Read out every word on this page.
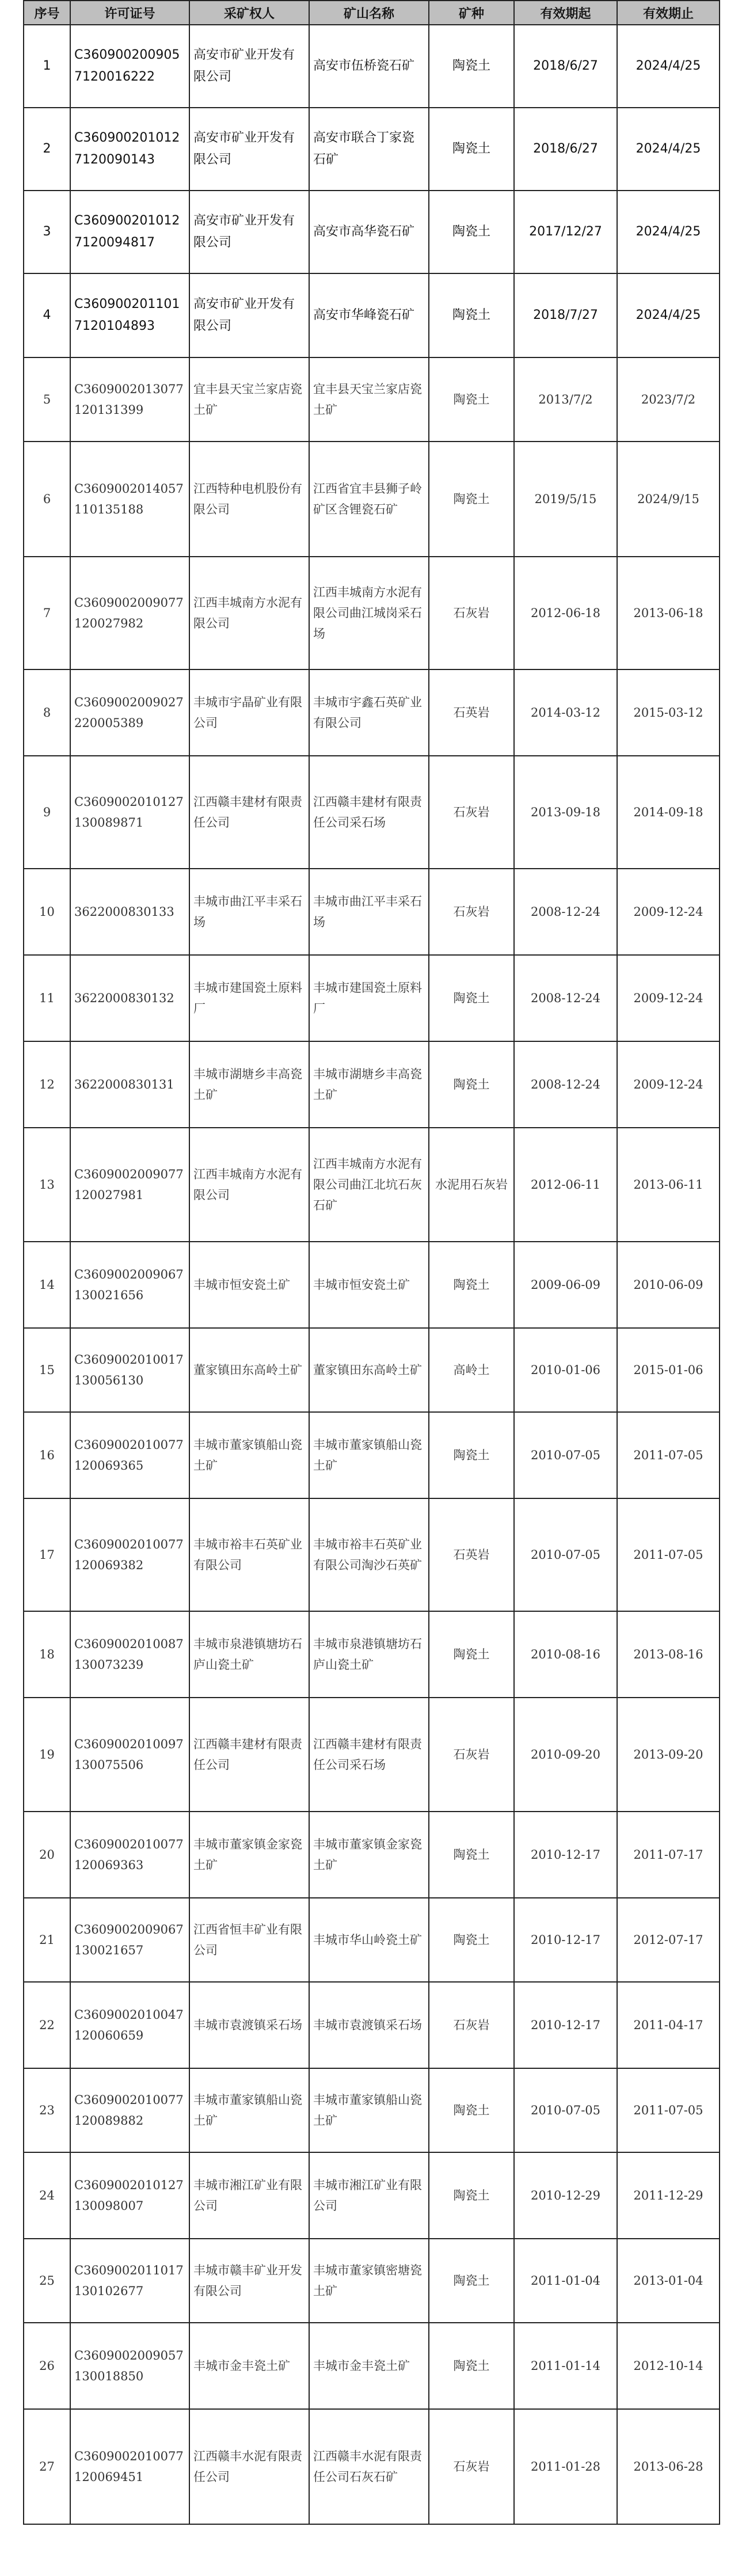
序号	许可证号	采矿权人	矿山名称	矿种	有效期起	有效期止
1	C3609002009057120016222	高安市矿业开发有限公司	高安市伍桥瓷石矿	陶瓷土	2018/6/27	2024/4/25
2	C3609002010127120090143	高安市矿业开发有限公司	高安市联合丁家瓷石矿	陶瓷土	2018/6/27	2024/4/25
3	C3609002010127120094817	高安市矿业开发有限公司	高安市高华瓷石矿	陶瓷土	2017/12/27	2024/4/25
4	C3609002011017120104893	高安市矿业开发有限公司	高安市华峰瓷石矿	陶瓷土	2018/7/27	2024/4/25
5	C3609002013077120131399	宜丰县天宝兰家店瓷土矿	宜丰县天宝兰家店瓷土矿	陶瓷土	2013/7/2	2023/7/2
6	C3609002014057110135188	江西特种电机股份有限公司	江西省宜丰县狮子岭矿区含锂瓷石矿	陶瓷土	2019/5/15	2024/9/15
7	C3609002009077120027982	江西丰城南方水泥有限公司	江西丰城南方水泥有限公司曲江城岗采石场	石灰岩	2012-06-18	2013-06-18
8	C3609002009027220005389	丰城市宇晶矿业有限公司	丰城市宇鑫石英矿业有限公司	石英岩	2014-03-12	2015-03-12
9	C3609002010127130089871	江西赣丰建材有限责任公司	江西赣丰建材有限责任公司采石场	石灰岩	2013-09-18	2014-09-18
10	3622000830133	丰城市曲江平丰采石场	丰城市曲江平丰采石场	石灰岩	2008-12-24	2009-12-24
11	3622000830132	丰城市建国瓷土原料厂	丰城市建国瓷土原料厂	陶瓷土	2008-12-24	2009-12-24
12	3622000830131	丰城市湖塘乡丰高瓷土矿	丰城市湖塘乡丰高瓷土矿	陶瓷土	2008-12-24	2009-12-24
13	C3609002009077120027981	江西丰城南方水泥有限公司	江西丰城南方水泥有限公司曲江北坑石灰石矿	水泥用石灰岩	2012-06-11	2013-06-11
14	C3609002009067130021656	丰城市恒安瓷土矿	丰城市恒安瓷土矿	陶瓷土	2009-06-09	2010-06-09
15	C3609002010017130056130	董家镇田东高岭土矿	董家镇田东高岭土矿	高岭土	2010-01-06	2015-01-06
16	C3609002010077120069365	丰城市董家镇船山瓷土矿	丰城市董家镇船山瓷土矿	陶瓷土	2010-07-05	2011-07-05
17	C3609002010077120069382	丰城市裕丰石英矿业有限公司	丰城市裕丰石英矿业有限公司淘沙石英矿	石英岩	2010-07-05	2011-07-05
18	C3609002010087130073239	丰城市泉港镇塘坊石庐山瓷土矿	丰城市泉港镇塘坊石庐山瓷土矿	陶瓷土	2010-08-16	2013-08-16
19	C3609002010097130075506	江西赣丰建材有限责任公司	江西赣丰建材有限责任公司采石场	石灰岩	2010-09-20	2013-09-20
20	C3609002010077120069363	丰城市董家镇金家瓷土矿	丰城市董家镇金家瓷土矿	陶瓷土	2010-12-17	2011-07-17
21	C3609002009067130021657	江西省恒丰矿业有限公司	丰城市华山岭瓷土矿	陶瓷土	2010-12-17	2012-07-17
22	C3609002010047120060659	丰城市袁渡镇采石场	丰城市袁渡镇采石场	石灰岩	2010-12-17	2011-04-17
23	C3609002010077120089882	丰城市董家镇船山瓷土矿	丰城市董家镇船山瓷土矿	陶瓷土	2010-07-05	2011-07-05
24	C3609002010127130098007	丰城市湘江矿业有限公司	丰城市湘江矿业有限公司	陶瓷土	2010-12-29	2011-12-29
25	C3609002011017130102677	丰城市赣丰矿业开发有限公司	丰城市董家镇密塘瓷土矿	陶瓷土	2011-01-04	2013-01-04
26	C3609002009057130018850	丰城市金丰瓷土矿	丰城市金丰瓷土矿	陶瓷土	2011-01-14	2012-10-14
27	C3609002010077120069451	江西赣丰水泥有限责任公司	江西赣丰水泥有限责任公司石灰石矿	石灰岩	2011-01-28	2013-06-28
